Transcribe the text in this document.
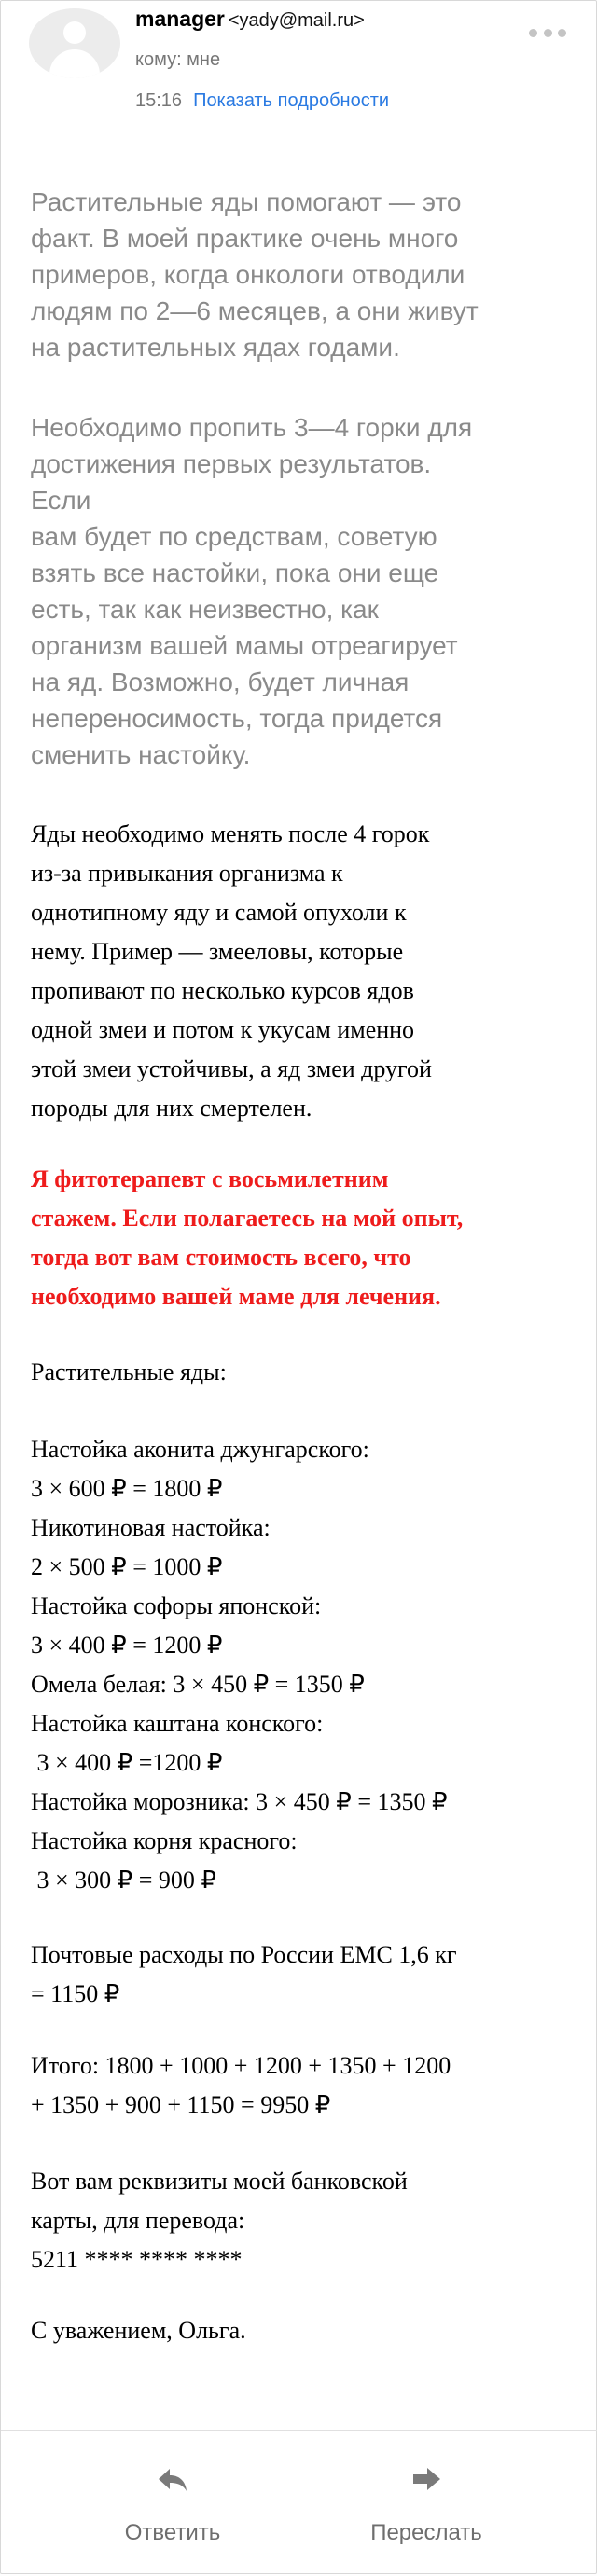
manager <yady@mail.ru>
кому: мне
15:16 Показать подробности
Растительные яды помогают — это
факт. В моей практике очень много
примеров, когда онкологи отводили
людям по 2—6 месяцев, а они живут
на растительных ядах годами.
Необходимо пропить 3—4 горки для
достижения первых результатов.
Если
вам будет по средствам, советую
взять все настойки, пока они еще
есть, так как неизвестно, как
организм вашей мамы отреагирует
на яд. Возможно, будет личная
непереносимость, тогда придется
сменить настойку.
Яды необходимо менять после 4 горок
из-за привыкания организма к
однотипному яду и самой опухоли к
нему. Пример — змееловы, которые
пропивают по несколько курсов ядов
одной змеи и потом к укусам именно
этой змеи устойчивы, а яд змеи другой
породы для них смертелен.
Я фитотерапевт с восьмилетним
стажем. Если полагаетесь на мой опыт,
тогда вот вам стоимость всего, что
необходимо вашей маме для лечения.
Растительные яды:
Настойка аконита джунгарского:
3 × 600 ₽ = 1800 ₽
Никотиновая настойка:
2 × 500 ₽ = 1000 ₽
Настойка софоры японской:
3 × 400 ₽ = 1200 ₽
Омела белая: 3 × 450 ₽ = 1350 ₽
Настойка каштана конского:
3 × 400 ₽ =1200 ₽
Настойка морозника: 3 × 450 ₽ = 1350 ₽
Настойка корня красного:
3 × 300 ₽ = 900 ₽
Почтовые расходы по России ЕМС 1,6 кг
= 1150 ₽
Итого: 1800 + 1000 + 1200 + 1350 + 1200
+ 1350 + 900 + 1150 = 9950 ₽
Вот вам реквизиты моей банковской
карты, для перевода:
5211 **** **** ****
С уважением, Ольга.
Ответить	Переслать
